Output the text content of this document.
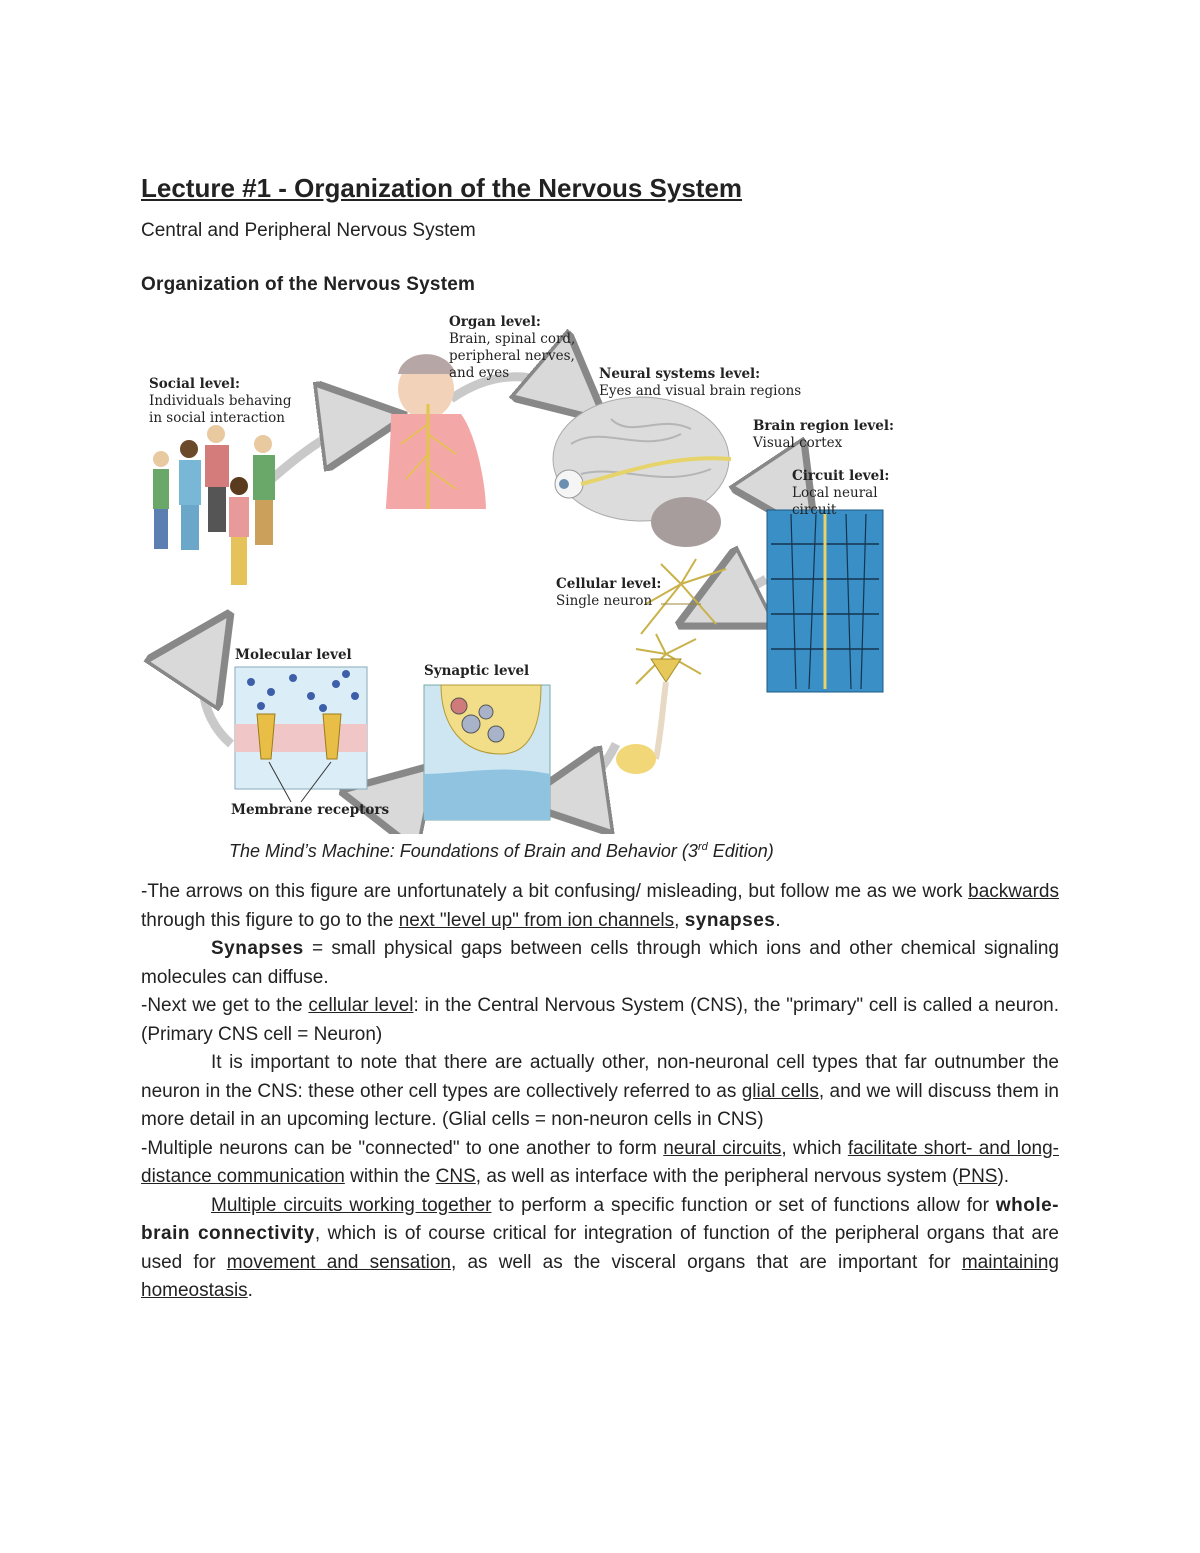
Lecture #1 - Organization of the Nervous System
Central and Peripheral Nervous System
Organization of the Nervous System
Organ level:
Brain, spinal cord,
peripheral nerves,
and eyes	Neural systems level:
Eyes and visual brain regions
Social level:
Individuals behaving
in social interaction	Brain region level:
Visual cortex
Circuit level:
Local neural
circuit
Cellular level:
Single neuron
Molecular level
Synaptic level
Membrane receptors
The Mind’s Machine: Foundations of Brain and Behavior (3rd Edition)

-The arrows on this figure are unfortunately a bit confusing/ misleading, but follow me as we work backwards through this figure to go to the next "level up" from ion channels, synapses.

Synapses = small physical gaps between cells through which ions and other chemical signaling molecules can diffuse.

-Next we get to the cellular level: in the Central Nervous System (CNS), the "primary" cell is called a neuron. (Primary CNS cell = Neuron)

It is important to note that there are actually other, non-neuronal cell types that far outnumber the neuron in the CNS: these other cell types are collectively referred to as glial cells, and we will discuss them in more detail in an upcoming lecture. (Glial cells = non-neuron cells in CNS)

-Multiple neurons can be "connected" to one another to form neural circuits, which facilitate short- and long-distance communication within the CNS, as well as interface with the peripheral nervous system (PNS).

Multiple circuits working together to perform a specific function or set of functions allow for whole-brain connectivity, which is of course critical for integration of function of the peripheral organs that are used for movement and sensation, as well as the visceral organs that are important for maintaining homeostasis.
